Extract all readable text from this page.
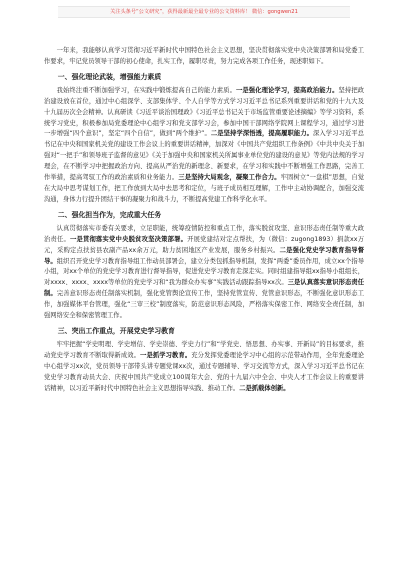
关注头条号“公文研究”，获得最新最全最专业的公文资料库！ 微信：gongwen21

一年来，我能够认真学习贯彻习近平新时代中国特色社会主义思想，坚决贯彻落实党中央决策部署和局党委工作要求，牢记党员领导干部的初心使命，扎实工作，履职尽责，努力完成各项工作任务，现述职如下。

一、强化理论武装，增强能力素质

我始终注重不断加强学习，在实践中锻炼提高自己的能力素质。一是强化理论学习，提高政治能力。坚持把政治建设放在首位，通过中心组深学、支部集体学、个人自学等方式学习习近平总书记系列重要讲话和党的十九大及十九届历次全会精神。认真研读《习近平谈治国理政》《习近平总书记关于市场监管重要论述摘编》等学习资料，系统学习党史，积极参加局党委理论中心组学习和党支部学习会，参加中国干部网络学院网上课程学习，通过学习进一步增强“四个意识”，坚定“四个自信”，做到“两个维护”。二是坚持学深悟透，提高履职能力。深入学习习近平总书记在中央和国家机关党的建设工作会议上的重要讲话精神，加深对《中国共产党组织工作条例》《中共中央关于加强对“一把手”和领导班子监督的意见》《关于加强中央和国家机关所属事业单位党的建设的意见》等党内法规的学习理会，在不断学习中把握政治方向、提高从严治党的新理念、新要求，在学习和实践中不断增强工作思路，完善工作举措，提高驾驭工作的政治素质和业务能力。三是坚持大局观念，凝聚工作合力。牢固树立“一盘棋”思想，自觉在大局中思考谋划工作，把工作放到大局中去思考和定位，与班子成员相互理解，工作中主动协调配合，加强交流沟通，身体力行提升团结干事的凝聚力和战斗力，不断提高党建工作科学化水平。

二、强化担当作为，完成重大任务

认真贯彻落实市委有关要求，立足职能，统筹疫情防控和重点工作，落实脱贫攻坚、意识形态责任制等重大政治责任。一是贯彻落实党中央脱贫攻坚决策部署。开展党建结对定点帮扶，为（微信：zugong1893）捐款xx万元，采购定点扶贫县农副产品xx余万元，助力贫困地区产业发展，服务乡村振兴。二是强化党史学习教育指导督导。组织召开党史学习教育指导组工作动员部署会，建立分类包抓指导机制，发挥“两委”委员作用，成立xx个指导小组，对xx个单位的党史学习教育进行督导指导，促进党史学习教育走深走实。同时组建指导组xx指导小组组长，对xxxx、xxxx、xxxx等单位的党史学习和“我为群众办实事”实践活动跟踪指导xx次。三是认真落实意识形态责任制。完善意识形态责任制落实机制，强化党管舆论宣传工作，坚持党管宣传、党管意识形态，不断强化意识形态工作，加强媒体平台管理，强化“三审三校”制度落实，防范意识形态风险，严格落实保密工作、网络安全责任制，加强网络安全和保密管理工作。

三、突出工作重点，开展党史学习教育

牢牢把握“学史明理、学史增信、学史崇德、学史力行”和“学党史、悟思想、办实事、开新局”的目标要求，推动党史学习教育不断取得新成效。一是抓学习教育。充分发挥党委理论学习中心组的示范带动作用，全年党委理论中心组学习xx次，党员领导干部带头讲专题党课xx次，通过专题辅导、学习交流等方式，深入学习习近平总书记在党史学习教育动员大会、庆祝中国共产党成立100周年大会、党的十九届六中全会、中央人才工作会议上的重要讲话精神，以习近平新时代中国特色社会主义思想指导实践、推动工作。二是抓载体创新。
